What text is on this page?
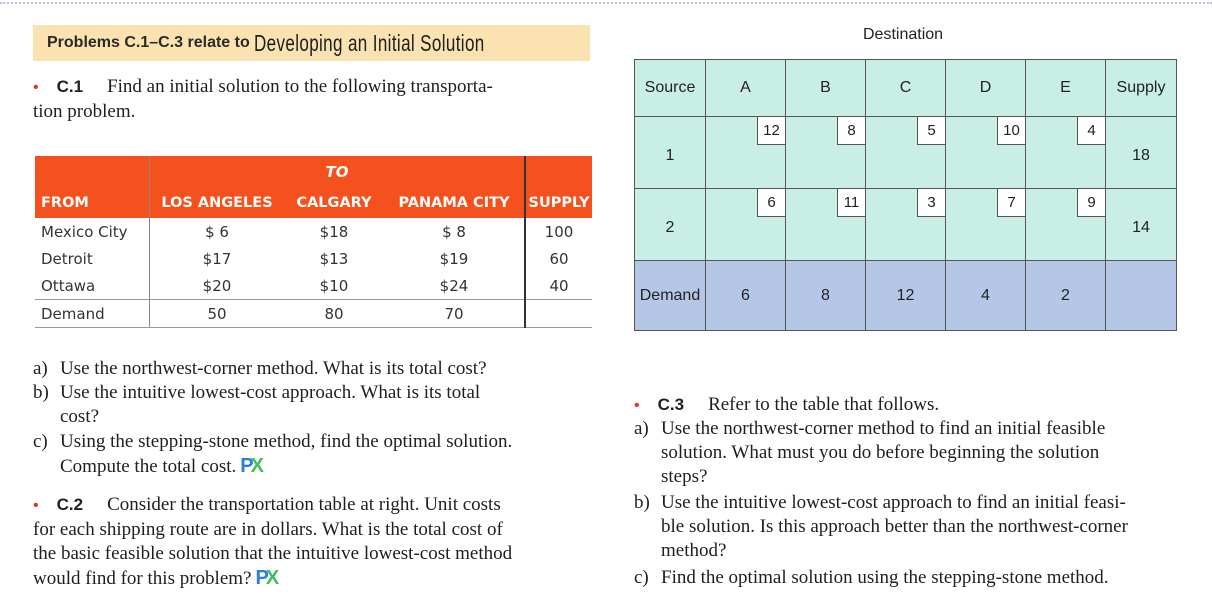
Problems C.1–C.3 relate to Developing an Initial Solution
• C.1 Find an initial solution to the following transporta-
tion problem.
	TO			
FROM	LOS ANGELES	CALGARY	PANAMA CITY	SUPPLY
Mexico City	$ 6	$18	$ 8	100
Detroit	$17	$13	$19	60
Ottawa	$20	$10	$24	40
Demand	50	80	70	
a) Use the northwest-corner method. What is its total cost?
b) Use the intuitive lowest-cost approach. What is its total
cost?
c) Using the stepping-stone method, find the optimal solution.
Compute the total cost. PX
• C.2 Consider the transportation table at right. Unit costs
for each shipping route are in dollars. What is the total cost of
the basic feasible solution that the intuitive lowest-cost method
would find for this problem? PX
Destination
Source	A	B	C	D	E	Supply

1	12	8	5	10	4	18

2	6	11	3	7	9	14

Demand	6	8	12	4	2	
• C.3 Refer to the table that follows.
a) Use the northwest-corner method to find an initial feasible
solution. What must you do before beginning the solution
steps?
b) Use the intuitive lowest-cost approach to find an initial feasi-
ble solution. Is this approach better than the northwest-corner
method?
c) Find the optimal solution using the stepping-stone method.
